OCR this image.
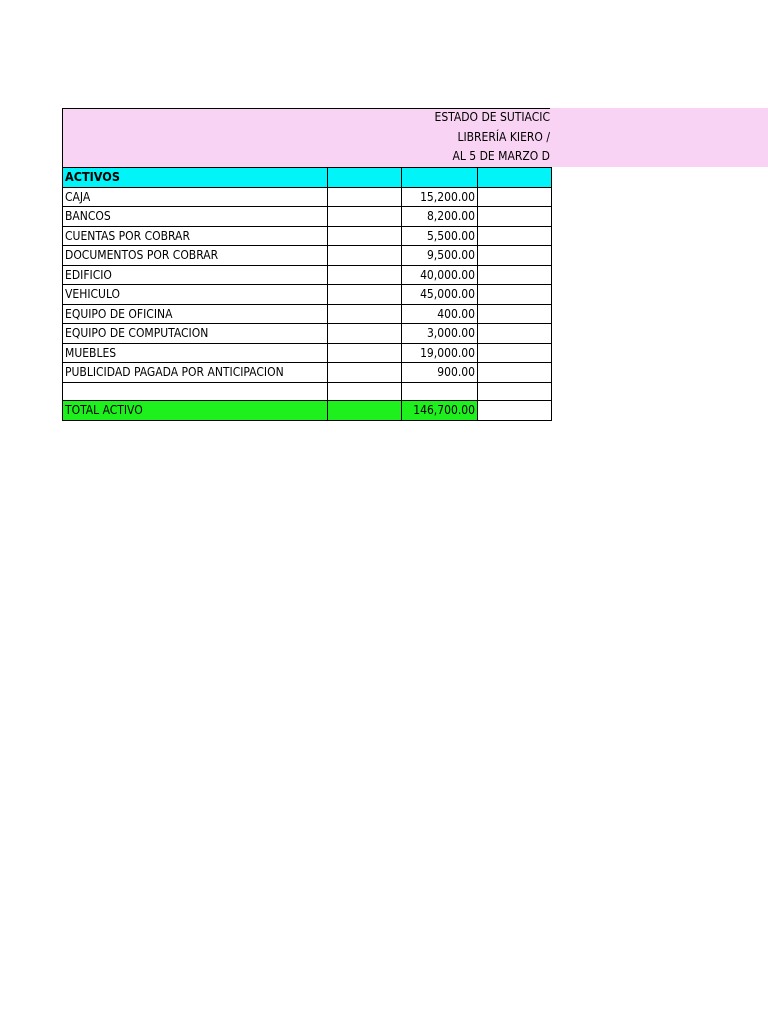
ESTADO DE SUTIACIC
LIBRERÍA KIERO /
AL 5 DE MARZO D
ACTIVOS			
CAJA		15,200.00	
BANCOS		8,200.00	
CUENTAS POR COBRAR		5,500.00	
DOCUMENTOS POR COBRAR		9,500.00	
EDIFICIO		40,000.00	
VEHICULO		45,000.00	
EQUIPO DE OFICINA		400.00	
EQUIPO DE COMPUTACION		3,000.00	
MUEBLES		19,000.00	
PUBLICIDAD PAGADA POR ANTICIPACION		900.00	

TOTAL ACTIVO		146,700.00	
